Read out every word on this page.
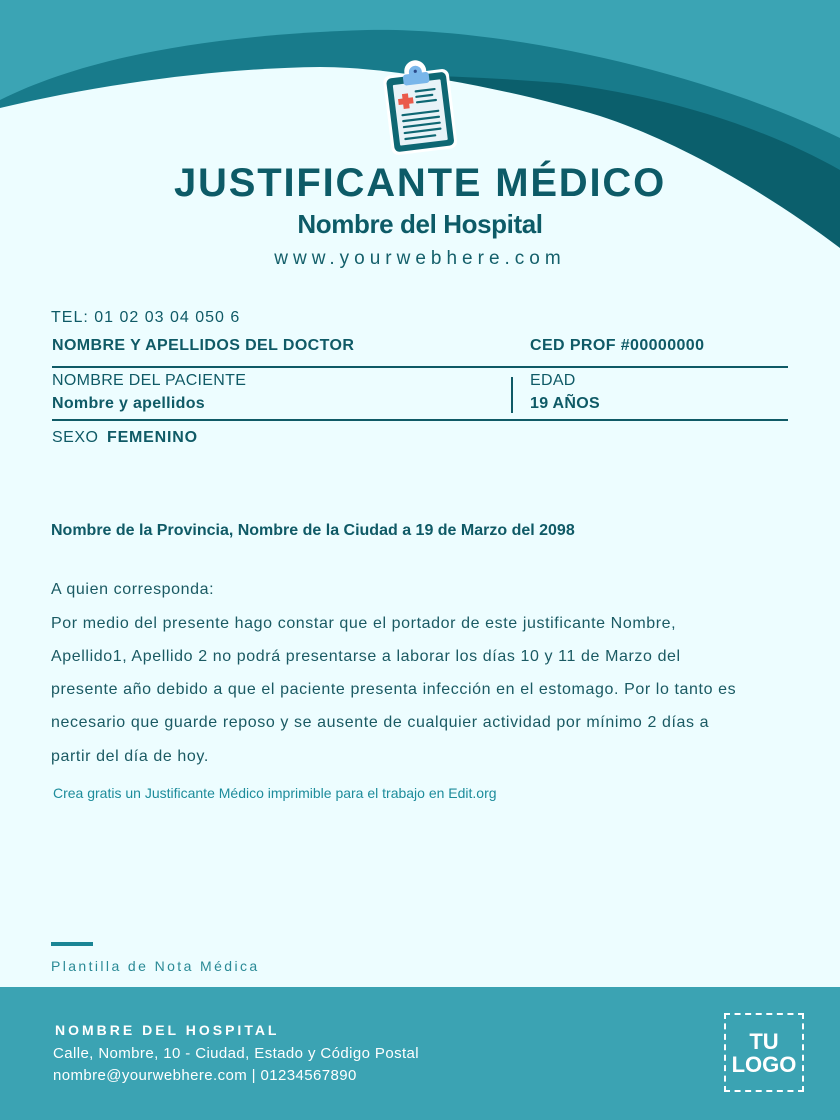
JUSTIFICANTE MÉDICO
Nombre del Hospital
www.yourwebhere.com
TEL: 01 02 03 04 050 6
NOMBRE Y APELLIDOS DEL DOCTOR	CED PROF #00000000
NOMBRE DEL PACIENTE
Nombre y apellidos
EDAD
19 AÑOS
SEXO FEMENINO
Nombre de la Provincia, Nombre de la Ciudad a 19 de Marzo del 2098
A quien corresponda:
Por medio del presente hago constar que el portador de este justificante Nombre,
Apellido1, Apellido 2 no podrá presentarse a laborar los días 10 y 11 de Marzo del
presente año debido a que el paciente presenta infección en el estomago. Por lo tanto es
necesario que guarde reposo y se ausente de cualquier actividad por mínimo 2 días a
partir del día de hoy.
Crea gratis un Justificante Médico imprimible para el trabajo en Edit.org
Plantilla de Nota Médica
NOMBRE DEL HOSPITAL
Calle, Nombre, 10 - Ciudad, Estado y Código Postal
nombre@yourwebhere.com | 01234567890
TU
LOGO
